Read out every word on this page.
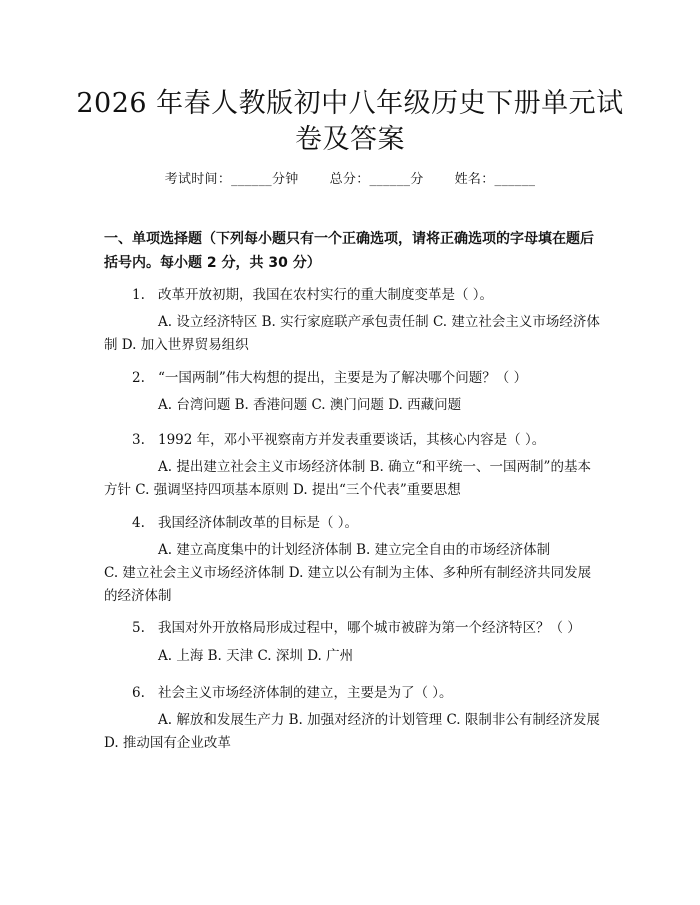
2026 年春人教版初中八年级历史下册单元试
卷及答案
考试时间：______分钟 总分：______分 姓名：______
一、单项选择题（下列每小题只有一个正确选项，请将正确选项的字母填在题后括号内。每小题 2 分，共 30 分）
1. 改革开放初期，我国在农村实行的重大制度变革是（ ）。
A. 设立经济特区 B. 实行家庭联产承包责任制 C. 建立社会主义市场经济体制 D. 加入世界贸易组织
2. “一国两制”伟大构想的提出，主要是为了解决哪个问题？（ ）
A. 台湾问题 B. 香港问题 C. 澳门问题 D. 西藏问题
3. 1992 年，邓小平视察南方并发表重要谈话，其核心内容是（ ）。
A. 提出建立社会主义市场经济体制 B. 确立“和平统一、一国两制”的基本方针 C. 强调坚持四项基本原则 D. 提出“三个代表”重要思想
4. 我国经济体制改革的目标是（ ）。
A. 建立高度集中的计划经济体制 B. 建立完全自由的市场经济体制 C. 建立社会主义市场经济体制 D. 建立以公有制为主体、多种所有制经济共同发展的经济体制
5. 我国对外开放格局形成过程中，哪个城市被辟为第一个经济特区？（ ）
A. 上海 B. 天津 C. 深圳 D. 广州
6. 社会主义市场经济体制的建立，主要是为了（ ）。
A. 解放和发展生产力 B. 加强对经济的计划管理 C. 限制非公有制经济发展 D. 推动国有企业改革
